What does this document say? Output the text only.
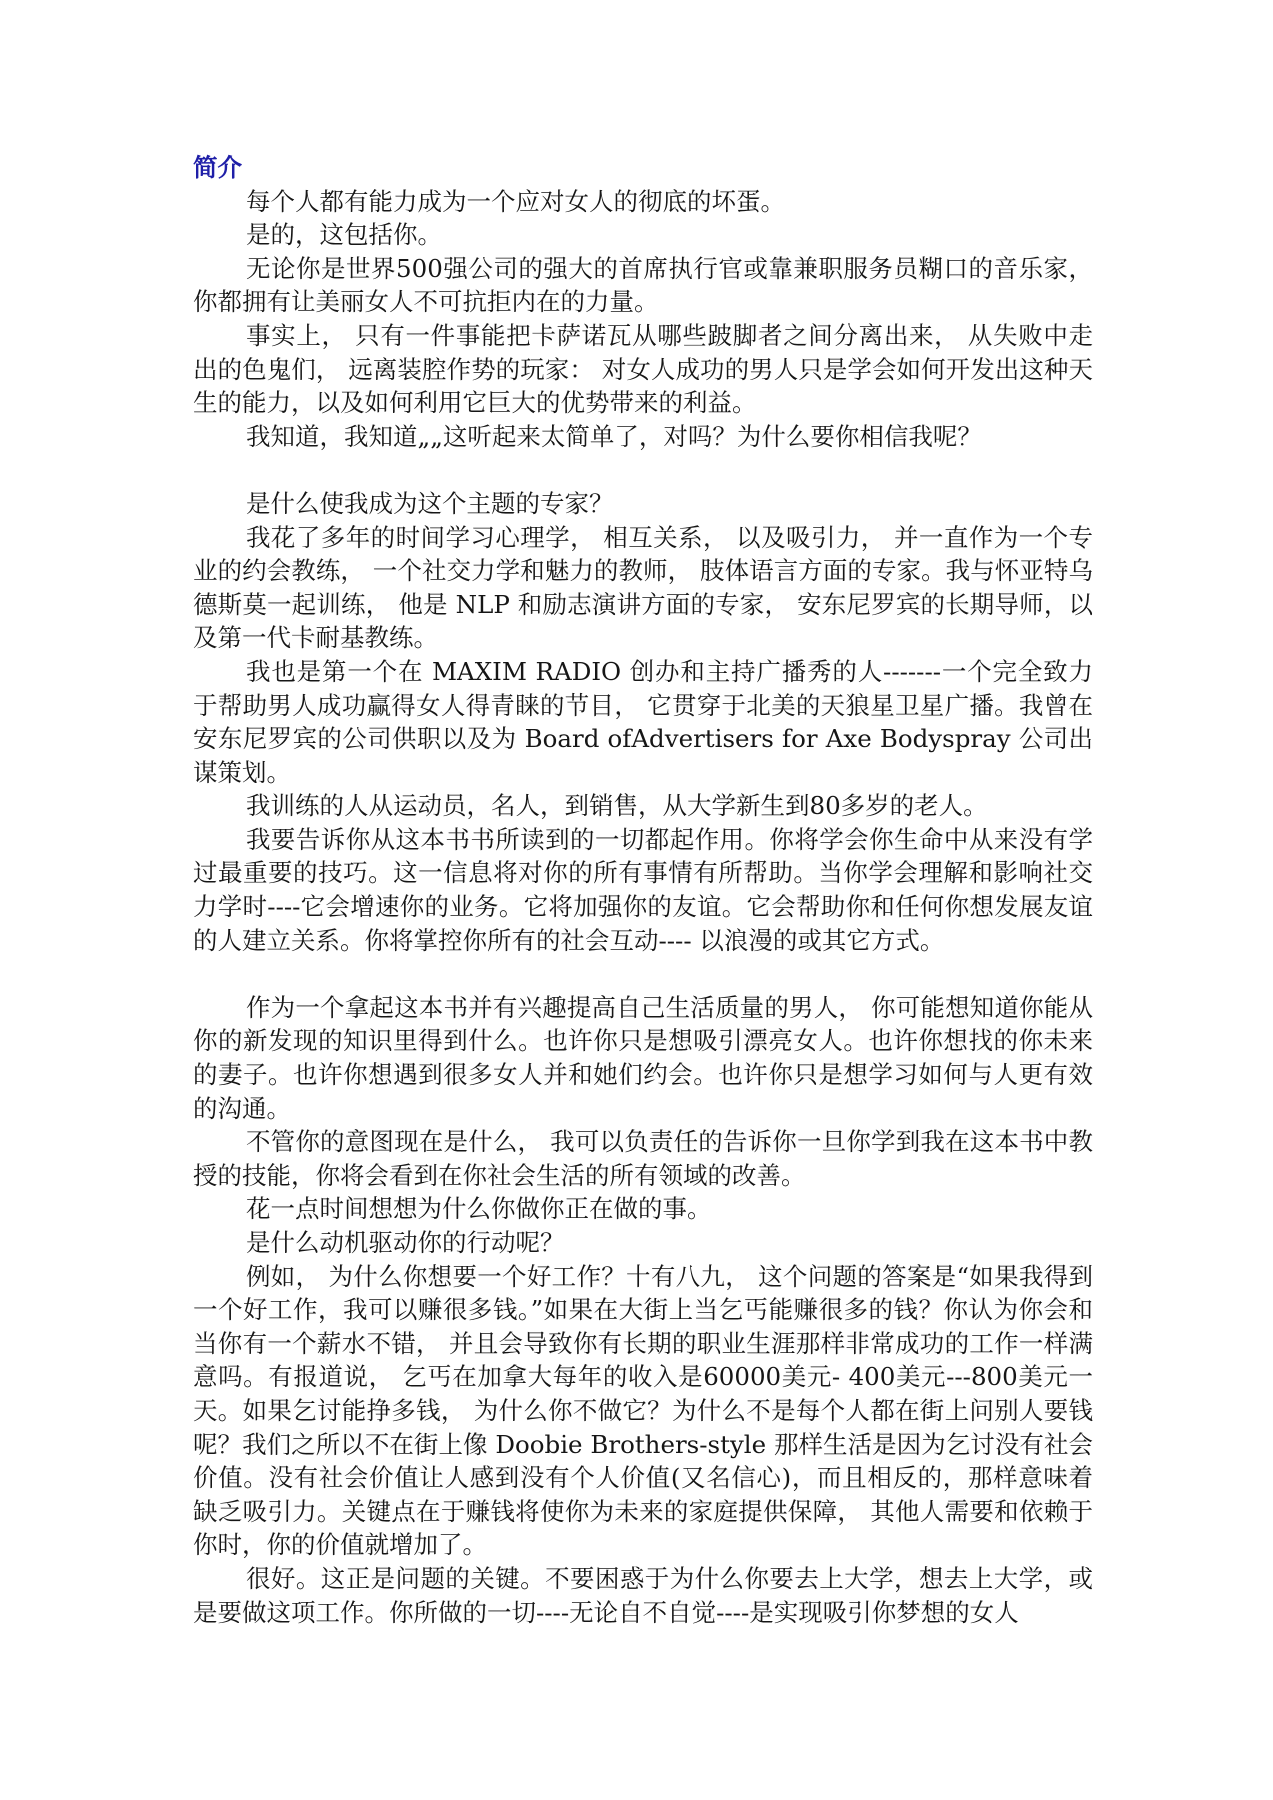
简介

每个人都有能力成为一个应对女人的彻底的坏蛋。

是的，这包括你。

无论你是世界500强公司的强大的首席执行官或靠兼职服务员糊口的音乐家，你都拥有让美丽女人不可抗拒内在的力量。

事实上， 只有一件事能把卡萨诺瓦从哪些跛脚者之间分离出来， 从失败中走出的色鬼们， 远离装腔作势的玩家： 对女人成功的男人只是学会如何开发出这种天生的能力，以及如何利用它巨大的优势带来的利益。

我知道，我知道„„这听起来太简单了，对吗？为什么要你相信我呢？

是什么使我成为这个主题的专家？

我花了多年的时间学习心理学， 相互关系， 以及吸引力， 并一直作为一个专业的约会教练， 一个社交力学和魅力的教师， 肢体语言方面的专家。我与怀亚特乌德斯莫一起训练， 他是 NLP 和励志演讲方面的专家， 安东尼罗宾的长期导师，以及第一代卡耐基教练。

我也是第一个在 MAXIM RADIO 创办和主持广播秀的人-------一个完全致力于帮助男人成功赢得女人得青睐的节目， 它贯穿于北美的天狼星卫星广播。我曾在安东尼罗宾的公司供职以及为 Board ofAdvertisers for Axe Bodyspray 公司出谋策划。

我训练的人从运动员，名人，到销售，从大学新生到80多岁的老人。

我要告诉你从这本书书所读到的一切都起作用。你将学会你生命中从来没有学过最重要的技巧。这一信息将对你的所有事情有所帮助。当你学会理解和影响社交力学时----它会增速你的业务。它将加强你的友谊。它会帮助你和任何你想发展友谊的人建立关系。你将掌控你所有的社会互动---- 以浪漫的或其它方式。

作为一个拿起这本书并有兴趣提高自己生活质量的男人， 你可能想知道你能从你的新发现的知识里得到什么。也许你只是想吸引漂亮女人。也许你想找的你未来的妻子。也许你想遇到很多女人并和她们约会。也许你只是想学习如何与人更有效的沟通。

不管你的意图现在是什么， 我可以负责任的告诉你一旦你学到我在这本书中教授的技能，你将会看到在你社会生活的所有领域的改善。

花一点时间想想为什么你做你正在做的事。

是什么动机驱动你的行动呢？

例如， 为什么你想要一个好工作？十有八九， 这个问题的答案是“如果我得到一个好工作，我可以赚很多钱。”如果在大街上当乞丐能赚很多的钱？你认为你会和当你有一个薪水不错， 并且会导致你有长期的职业生涯那样非常成功的工作一样满意吗。有报道说， 乞丐在加拿大每年的收入是60000美元- 400美元---800美元一天。如果乞讨能挣多钱， 为什么你不做它？为什么不是每个人都在街上问别人要钱呢？我们之所以不在街上像 Doobie Brothers-style 那样生活是因为乞讨没有社会价值。没有社会价值让人感到没有个人价值(又名信心)，而且相反的，那样意味着缺乏吸引力。关键点在于赚钱将使你为未来的家庭提供保障， 其他人需要和依赖于你时，你的价值就增加了。

很好。这正是问题的关键。不要困惑于为什么你要去上大学，想去上大学，或是要做这项工作。你所做的一切----无论自不自觉----是实现吸引你梦想的女人
